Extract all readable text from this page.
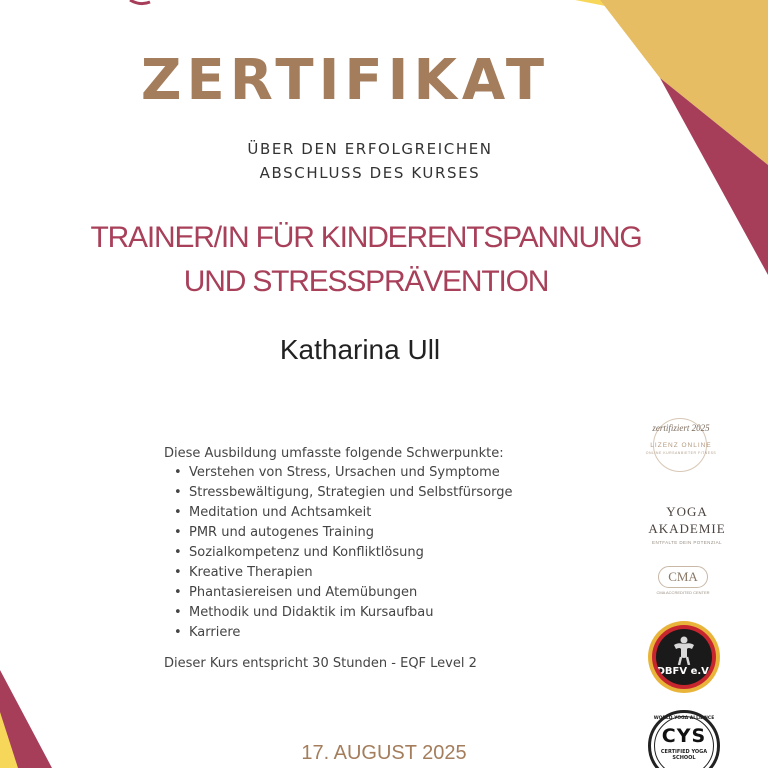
ZERTIFIKAT
ÜBER DEN ERFOLGREICHEN
ABSCHLUSS DES KURSES
TRAINER/IN FÜR KINDERENTSPANNUNG
UND STRESSPRÄVENTION
Katharina Ull
Diese Ausbildung umfasste folgende Schwerpunkte:
• Verstehen von Stress, Ursachen und Symptome
• Stressbewältigung, Strategien und Selbstfürsorge
• Meditation und Achtsamkeit
• PMR und autogenes Training
• Sozialkompetenz und Konfliktlösung
• Kreative Therapien
• Phantasiereisen und Atemübungen
• Methodik und Didaktik im Kursaufbau
• Karriere
Dieser Kurs entspricht 30 Stunden - EQF Level 2
17. AUGUST 2025
zertifiziert 2025
LIZENZ ONLINE
ONLINE KURSANBIETER FITNESS
YOGA
AKADEMIE
ENTFALTE DEIN POTENZIAL
CMA
CMA ACCREDITED CENTER
DBFV e.V.
WORLD YOGA ALLIANCE
CYS
CERTIFIED YOGA
SCHOOL
